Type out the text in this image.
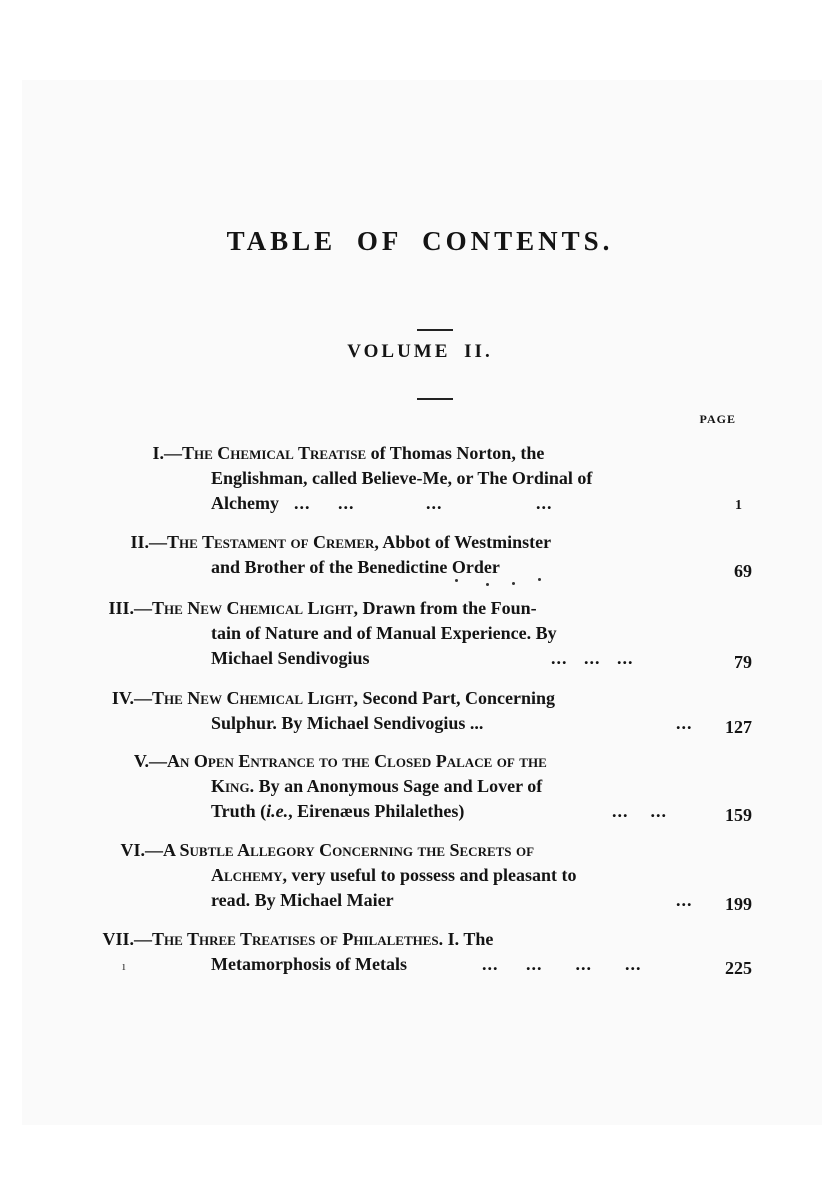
TABLE OF CONTENTS.
VOLUME II.
PAGE
I. —The Chemical Treatise of Thomas Norton, the
Englishman, called Believe-Me, or The Ordinal of
Alchemy ...     ...             ...                 ...	1
II. —The Testament of Cremer, Abbot of Westminster
and Brother of the Benedictine Order	69
III. —The New Chemical Light, Drawn from the Foun-
tain of Nature and of Manual Experience. By
Michael Sendivogius	...   ...   ...	79
IV. —The New Chemical Light, Second Part, Concerning
Sulphur. By Michael Sendivogius ...	... 127
V. —An Open Entrance to the Closed Palace of the
King. By an Anonymous Sage and Lover of
Truth (i.e., Eirenæus Philalethes)	...    ...	159
VI. —A Subtle Allegory Concerning the Secrets of
Alchemy, very useful to possess and pleasant to
read. By Michael Maier	... 199
VII. —The Three Treatises of Philalethes. I. The
Metamorphosis of Metals	...     ...      ...      ...	225
ı
